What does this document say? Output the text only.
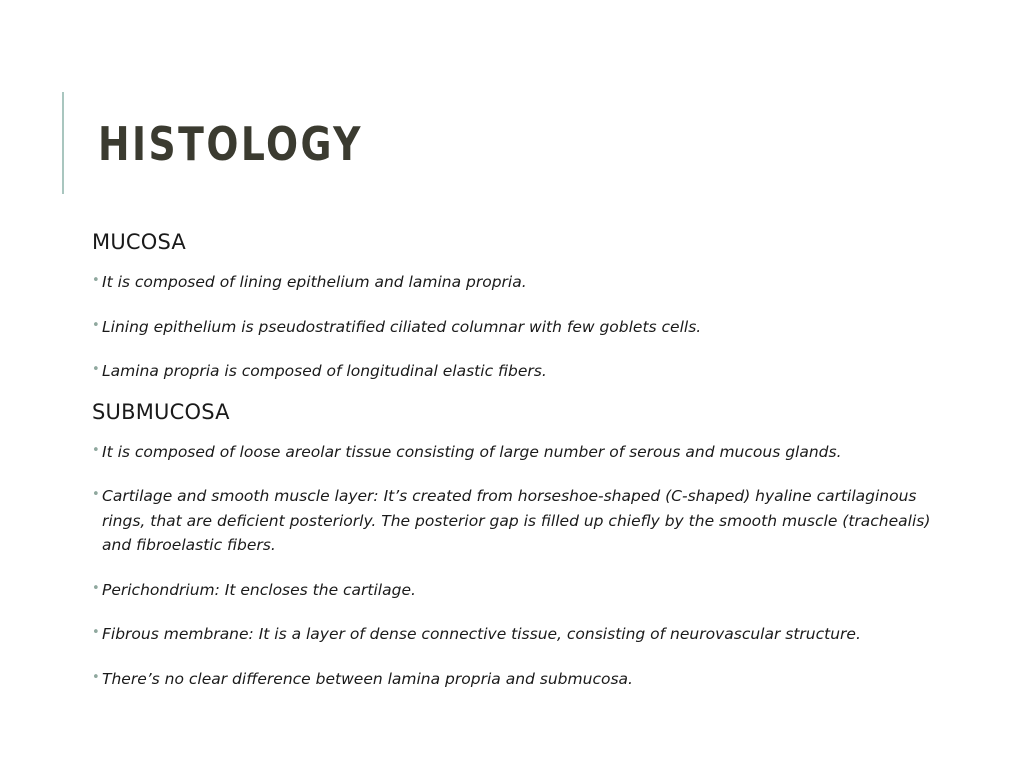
HISTOLOGY
MUCOSA
• It is composed of lining epithelium and lamina propria.
• Lining epithelium is pseudostratified ciliated columnar with few goblets cells.
• Lamina propria is composed of longitudinal elastic fibers.
SUBMUCOSA
• It is composed of loose areolar tissue consisting of large number of serous and mucous glands.
• Cartilage and smooth muscle layer: It’s created from horseshoe-shaped (C-shaped) hyaline cartilaginous rings, that are deficient posteriorly. The posterior gap is filled up chiefly by the smooth muscle (trachealis) and fibroelastic fibers.
• Perichondrium: It encloses the cartilage.
• Fibrous membrane: It is a layer of dense connective tissue, consisting of neurovascular structure.
• There’s no clear difference between lamina propria and submucosa.
